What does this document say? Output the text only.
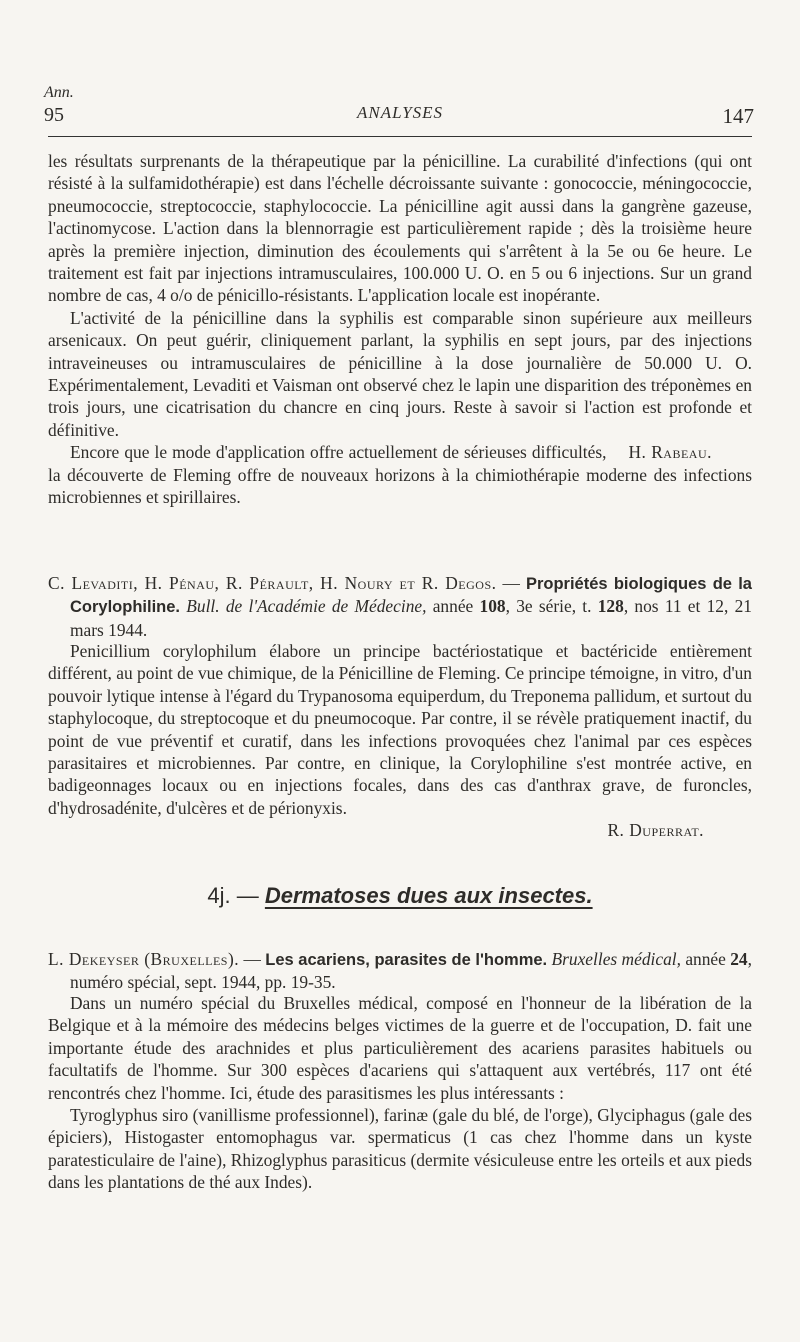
Ann.
95	ANALYSES	147

les résultats surprenants de la thérapeutique par la pénicilline. La curabilité d'infections (qui ont résisté à la sulfamidothérapie) est dans l'échelle décroissante suivante : gonococcie, méningococcie, pneumococcie, streptococcie, staphylococcie. La pénicilline agit aussi dans la gangrène gazeuse, l'actinomycose. L'action dans la blennorragie est particulièrement rapide ; dès la troisième heure après la première injection, diminution des écoulements qui s'arrêtent à la 5e ou 6e heure. Le traitement est fait par injections intramusculaires, 100.000 U. O. en 5 ou 6 injections. Sur un grand nombre de cas, 4 o/o de pénicillo-résistants. L'application locale est inopérante.

L'activité de la pénicilline dans la syphilis est comparable sinon supérieure aux meilleurs arsenicaux. On peut guérir, cliniquement parlant, la syphilis en sept jours, par des injections intraveineuses ou intramusculaires de pénicilline à la dose journalière de 50.000 U. O. Expérimentalement, Levaditi et Vaisman ont observé chez le lapin une disparition des tréponèmes en trois jours, une cicatrisation du chancre en cinq jours. Reste à savoir si l'action est profonde et définitive.

H. Rabeau.
Encore que le mode d'application offre actuellement de sérieuses difficultés, la découverte de Fleming offre de nouveaux horizons à la chimiothérapie moderne des infections microbiennes et spirillaires.

C. Levaditi, H. Pénau, R. Pérault, H. Noury et R. Degos. — Propriétés biologiques de la Corylophiline. Bull. de l'Académie de Médecine, année 108, 3e série, t. 128, nos 11 et 12, 21 mars 1944.

Penicillium corylophilum élabore un principe bactériostatique et bactéricide entièrement différent, au point de vue chimique, de la Pénicilline de Fleming. Ce principe témoigne, in vitro, d'un pouvoir lytique intense à l'égard du Trypanosoma equiperdum, du Treponema pallidum, et surtout du staphylocoque, du streptocoque et du pneumocoque. Par contre, il se révèle pratiquement inactif, du point de vue préventif et curatif, dans les infections provoquées chez l'animal par ces espèces parasitaires et microbiennes. Par contre, en clinique, la Corylophiline s'est montrée active, en badigeonnages locaux ou en injections focales, dans des cas d'anthrax grave, de furoncles, d'hydrosadénite, d'ulcères et de périonyxis.

R. Duperrat.

4j. — Dermatoses dues aux insectes.

L. Dekeyser (Bruxelles). — Les acariens, parasites de l'homme. Bruxelles médical, année 24, numéro spécial, sept. 1944, pp. 19-35.

Dans un numéro spécial du Bruxelles médical, composé en l'honneur de la libération de la Belgique et à la mémoire des médecins belges victimes de la guerre et de l'occupation, D. fait une importante étude des arachnides et plus particulièrement des acariens parasites habituels ou facultatifs de l'homme. Sur 300 espèces d'acariens qui s'attaquent aux vertébrés, 117 ont été rencontrés chez l'homme. Ici, étude des parasitismes les plus intéressants :

Tyroglyphus siro (vanillisme professionnel), farinæ (gale du blé, de l'orge), Glyciphagus (gale des épiciers), Histogaster entomophagus var. spermaticus (1 cas chez l'homme dans un kyste paratesticulaire de l'aine), Rhizoglyphus parasiticus (dermite vésiculeuse entre les orteils et aux pieds dans les plantations de thé aux Indes).
